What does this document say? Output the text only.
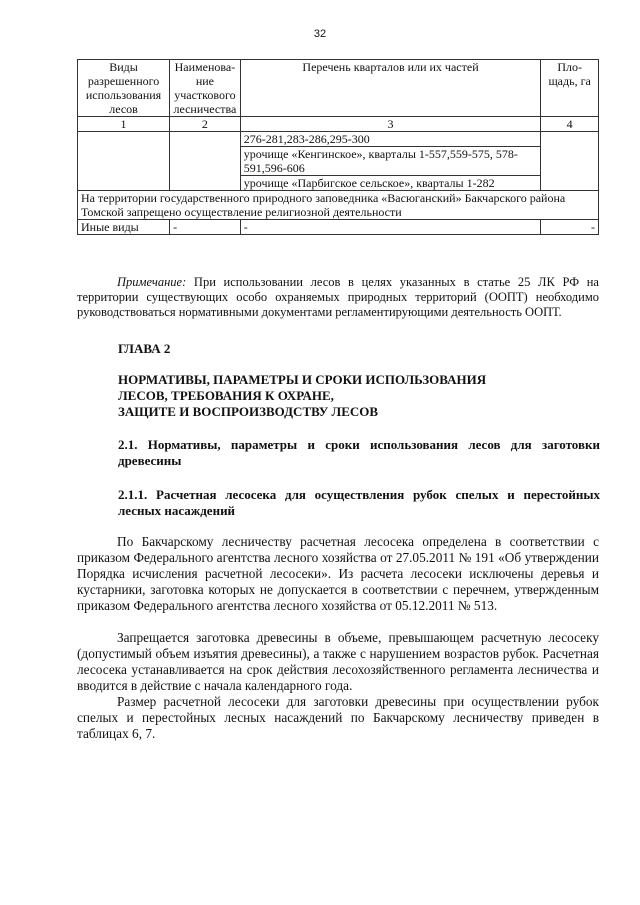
32
Виды разрешенного использования лесов	Наименова-ние участкового лесничества	Перечень кварталов или их частей	Пло-щадь, га
1	2	3	4
		276-281,283-286,295-300	
		урочище «Кенгинское», кварталы 1-557,559-575, 578-591,596-606	
		урочище «Парбигское сельское», кварталы 1-282	
На территории государственного природного заповедника «Васюганский» Бакчарского района Томской запрещено осуществление религиозной деятельности			
Иные виды	-	-	-
Примечание: При использовании лесов в целях указанных в статье 25 ЛК РФ на территории существующих особо охраняемых природных территорий (ООПТ) необходимо руководствоваться нормативными документами регламентирующими деятельность ООПТ.
ГЛАВА 2
НОРМАТИВЫ, ПАРАМЕТРЫ И СРОКИ ИСПОЛЬЗОВАНИЯ
ЛЕСОВ, ТРЕБОВАНИЯ К ОХРАНЕ,
ЗАЩИТЕ И ВОСПРОИЗВОДСТВУ ЛЕСОВ
2.1. Нормативы, параметры и сроки использования лесов для заготовки древесины
2.1.1. Расчетная лесосека для осуществления рубок спелых и перестойных лесных насаждений

По Бакчарскому лесничеству расчетная лесосека определена в соответствии с приказом Федерального агентства лесного хозяйства от 27.05.2011 № 191 «Об утверждении Порядка исчисления расчетной лесосеки». Из расчета лесосеки исключены деревья и кустарники, заготовка которых не допускается в соответствии с перечнем, утвержденным приказом Федерального агентства лесного хозяйства от 05.12.2011 № 513.

Запрещается заготовка древесины в объеме, превышающем расчетную лесосеку (допустимый объем изъятия древесины), а также с нарушением возрастов рубок. Расчетная лесосека устанавливается на срок действия лесохозяйственного регламента лесничества и вводится в действие с начала календарного года.

Размер расчетной лесосеки для заготовки древесины при осуществлении рубок спелых и перестойных лесных насаждений по Бакчарскому лесничеству приведен в таблицах 6, 7.
